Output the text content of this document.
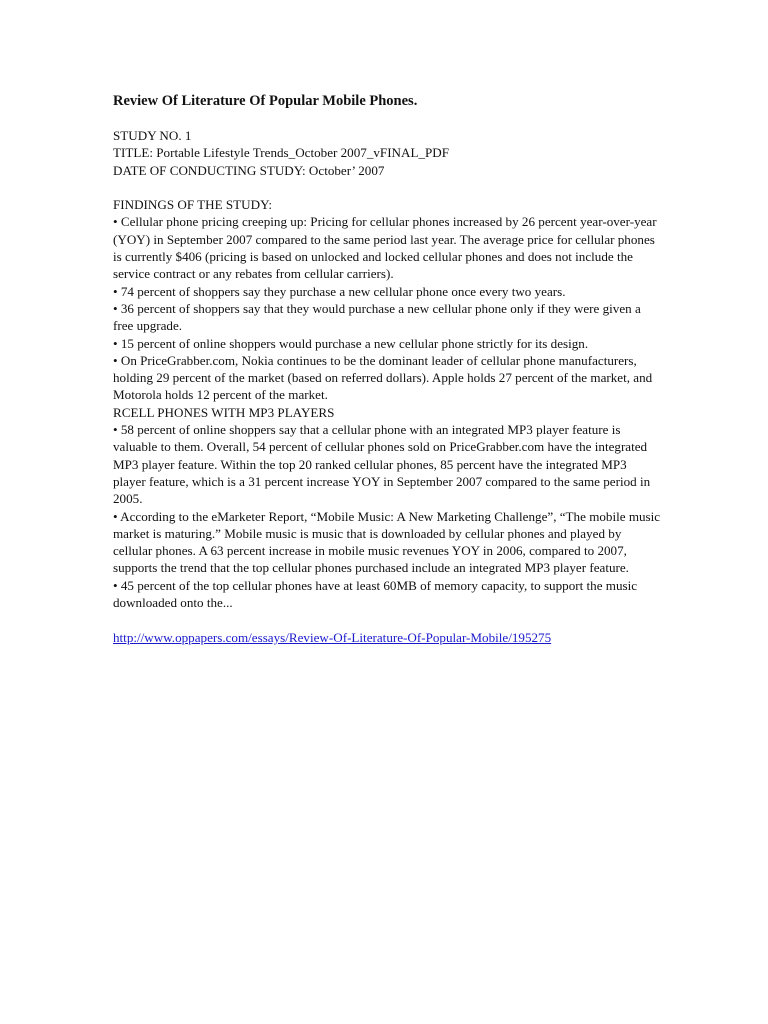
Review Of Literature Of Popular Mobile Phones.

STUDY NO. 1

TITLE: Portable Lifestyle Trends_October 2007_vFINAL_PDF

DATE OF CONDUCTING STUDY: October’ 2007

FINDINGS OF THE STUDY:

• Cellular phone pricing creeping up: Pricing for cellular phones increased by 26 percent year-over-year (YOY) in September 2007 compared to the same period last year. The average price for cellular phones is currently $406 (pricing is based on unlocked and locked cellular phones and does not include the service contract or any rebates from cellular carriers).

• 74 percent of shoppers say they purchase a new cellular phone once every two years.

• 36 percent of shoppers say that they would purchase a new cellular phone only if they were given a free upgrade.

• 15 percent of online shoppers would purchase a new cellular phone strictly for its design.

• On PriceGrabber.com, Nokia continues to be the dominant leader of cellular phone manufacturers, holding 29 percent of the market (based on referred dollars). Apple holds 27 percent of the market, and Motorola holds 12 percent of the market.

RCELL PHONES WITH MP3 PLAYERS

• 58 percent of online shoppers say that a cellular phone with an integrated MP3 player feature is valuable to them. Overall, 54 percent of cellular phones sold on PriceGrabber.com have the integrated MP3 player feature. Within the top 20 ranked cellular phones, 85 percent have the integrated MP3 player feature, which is a 31 percent increase YOY in September 2007 compared to the same period in 2005.

• According to the eMarketer Report, “Mobile Music: A New Marketing Challenge”, “The mobile music market is maturing.” Mobile music is music that is downloaded by cellular phones and played by cellular phones. A 63 percent increase in mobile music revenues YOY in 2006, compared to 2007, supports the trend that the top cellular phones purchased include an integrated MP3 player feature.

• 45 percent of the top cellular phones have at least 60MB of memory capacity, to support the music downloaded onto the...

http://www.oppapers.com/essays/Review-Of-Literature-Of-Popular-Mobile/195275
